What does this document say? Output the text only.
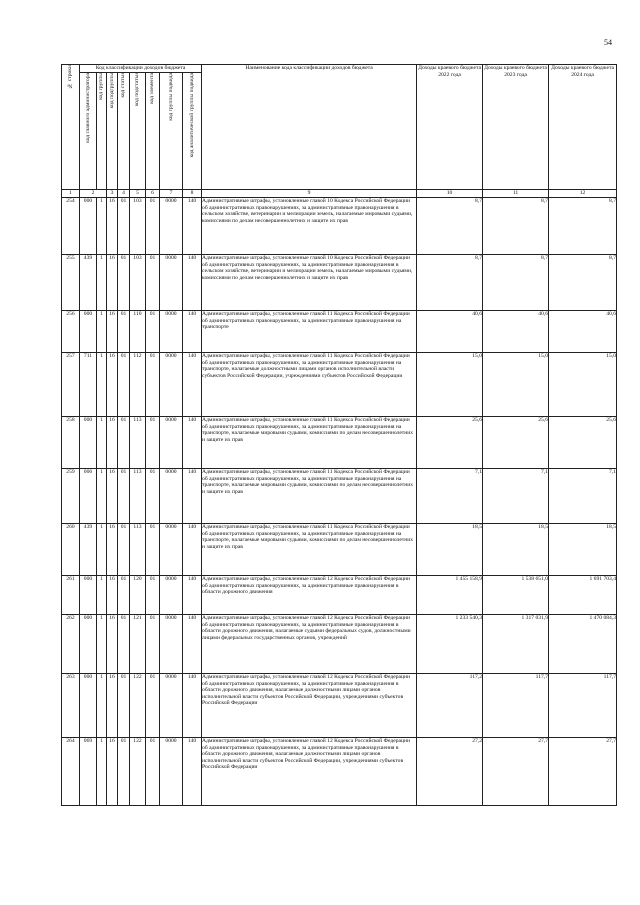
54
№ строки	Код классификации доходов бюджета								Наименование кода классификации доходов бюджета	Доходы краевого бюджета 2022 года	Доходы краевого бюджета 2023 года	Доходы краевого бюджета 2024 года
	код главного администратора	код группы	код подгруппы	код статьи	код подстатьи	код элемента	код группы подвида	код аналитической группы подвида				
1	2		3	4	5	6	7	8	9	10	11	12
254	000	1	16	01	103	01	0000	140	Административные штрафы, установленные главой 10 Кодекса Российской Федерации об административных правонарушениях, за административные правонарушения в сельском хозяйстве, ветеринарии и мелиорации земель, налагаемые мировыми судьями, комиссиями по делам несовершеннолетних и защите их прав	8,7	8,7	8,7
255	439	1	16	01	103	01	0000	140	Административные штрафы, установленные главой 10 Кодекса Российской Федерации об административных правонарушениях, за административные правонарушения в сельском хозяйстве, ветеринарии и мелиорации земель, налагаемые мировыми судьями, комиссиями по делам несовершеннолетних и защите их прав	8,7	8,7	8,7
256	000	1	16	01	110	01	0000	140	Административные штрафы, установленные главой 11 Кодекса Российской Федерации об административных правонарушениях, за административные правонарушения на транспорте	40,6	40,6	40,6
257	711	1	16	01	112	01	0000	140	Административные штрафы, установленные главой 11 Кодекса Российской Федерации об административных правонарушениях, за административные правонарушения на транспорте, налагаемые должностными лицами органов исполнительной власти субъектов Российской Федерации, учреждениями субъектов Российской Федерации	15,0	15,0	15,0
258	000	1	16	01	113	01	0000	140	Административные штрафы, установленные главой 11 Кодекса Российской Федерации об административных правонарушениях, за административные правонарушения на транспорте, налагаемые мировыми судьями, комиссиями по делам несовершеннолетних и защите их прав	25,6	25,6	25,6
259	006	1	16	01	113	01	0000	140	Административные штрафы, установленные главой 11 Кодекса Российской Федерации об административных правонарушениях, за административные правонарушения на транспорте, налагаемые мировыми судьями, комиссиями по делам несовершеннолетних и защите их прав	7,1	7,1	7,1
260	439	1	16	01	113	01	0000	140	Административные штрафы, установленные главой 11 Кодекса Российской Федерации об административных правонарушениях, за административные правонарушения на транспорте, налагаемые мировыми судьями, комиссиями по делам несовершеннолетних и защите их прав	18,5	18,5	18,5
261	000	1	16	01	120	01	0000	140	Административные штрафы, установленные главой 12 Кодекса Российской Федерации об административных правонарушениях, за административные правонарушения в области дорожного движения	1 455 158,9	1 538 651,0	1 691 703,4
262	000	1	16	01	121	01	0000	140	Административные штрафы, установленные главой 12 Кодекса Российской Федерации об административных правонарушениях, за административные правонарушения в области дорожного движения, налагаемые судьями федеральных судов, должностными лицами федеральных государственных органов, учреждений	1 233 540,3	1 317 031,9	1 470 084,3
263	000	1	16	01	122	01	0000	140	Административные штрафы, установленные главой 12 Кодекса Российской Федерации об административных правонарушениях, за административные правонарушения в области дорожного движения, налагаемые должностными лицами органов исполнительной власти субъектов Российской Федерации, учреждениями субъектов Российской Федерации	117,2	117,7	117,7
264	069	1	16	01	122	01	0000	140	Административные штрафы, установленные главой 12 Кодекса Российской Федерации об административных правонарушениях, за административные правонарушения в области дорожного движения, налагаемые должностными лицами органов исполнительной власти субъектов Российской Федерации, учреждениями субъектов Российской Федерации	27,2	27,7	27,7
